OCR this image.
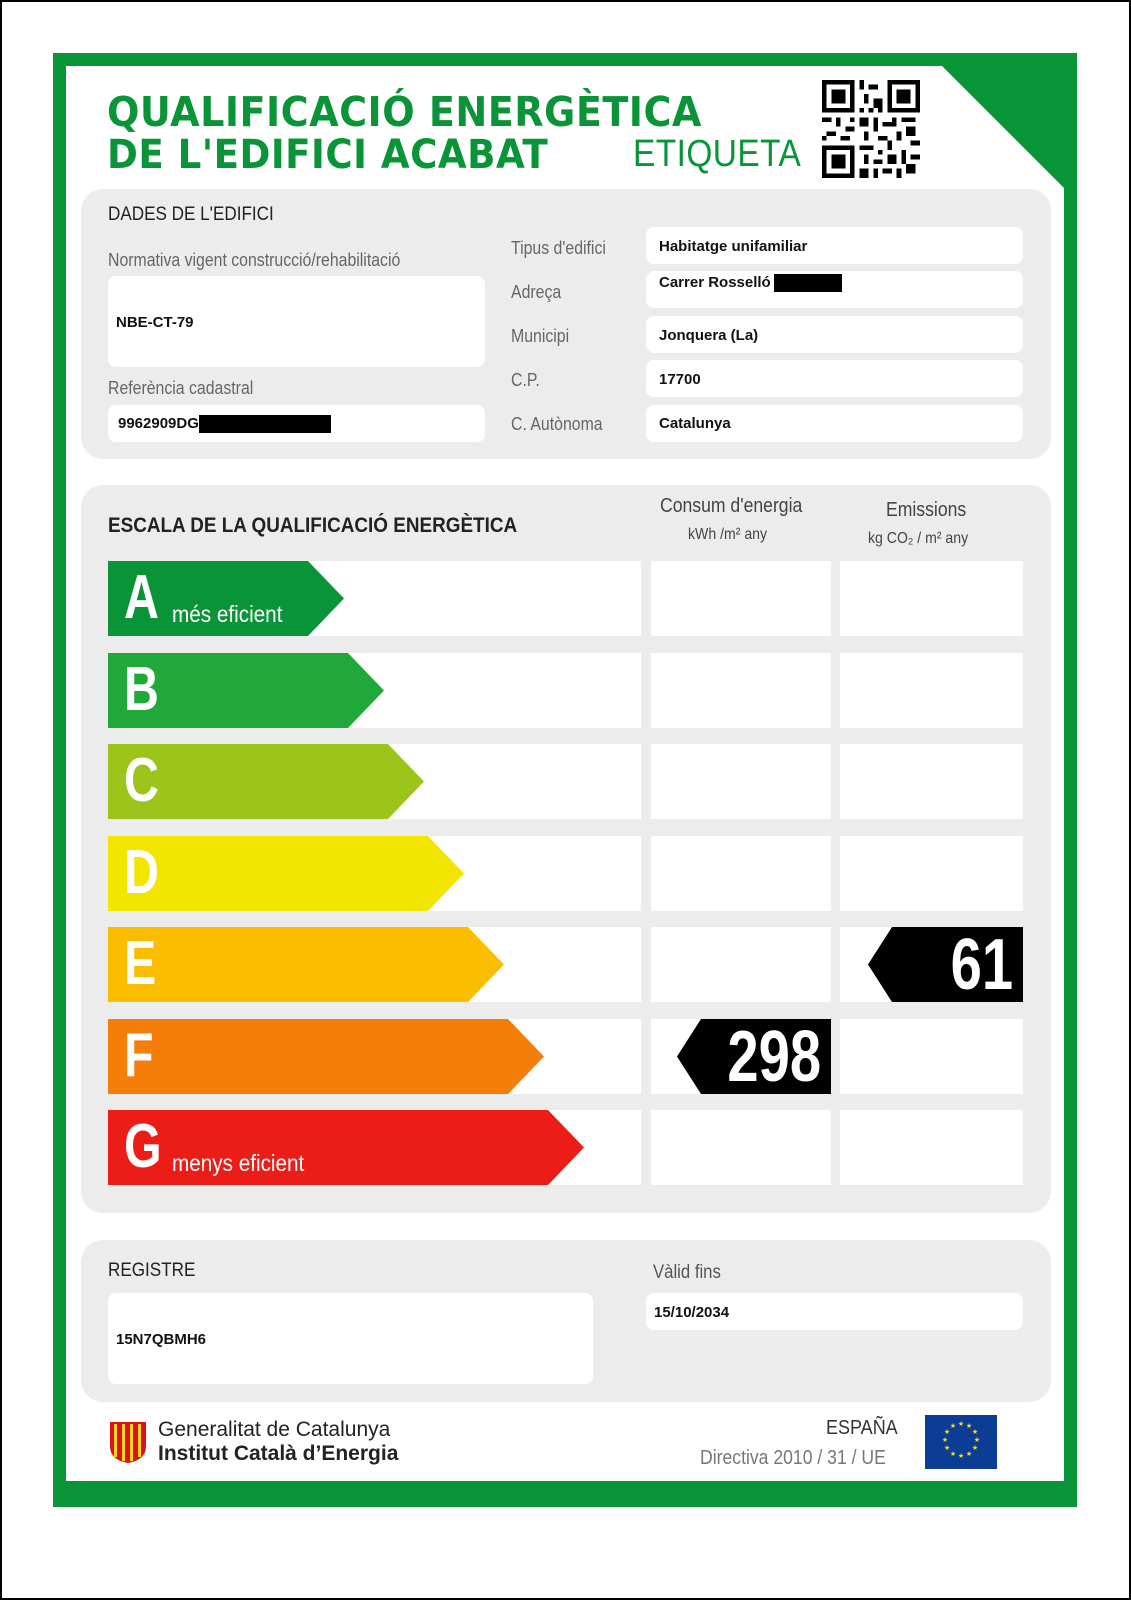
QUALIFICACIÓ ENERGÈTICA
DE L'EDIFICI ACABAT ETIQUETA
DADES DE L'EDIFICI
Normativa vigent construcció/rehabilitació
NBE-CT-79
Referència cadastral
9962909DG
Tipus d'edifici
Adreça
Municipi
C.P.
C. Autònoma
Habitatge unifamiliar
Carrer Rosselló
Jonquera (La)
17700
Catalunya
ESCALA DE LA QUALIFICACIÓ ENERGÈTICA
Consum d'energia
kWh /m² any
Emissions
kg CO₂ / m² any
A més eficient
B
C
D
E	61
F	298
G menys eficient
REGISTRE
15N7QBMH6
Vàlid fins
15/10/2034
Generalitat de Catalunya
Institut Català d’Energia
ESPAÑA
Directiva 2010 / 31 / UE
★ ★
★
★
★
★
★
★
★
★
★
★
